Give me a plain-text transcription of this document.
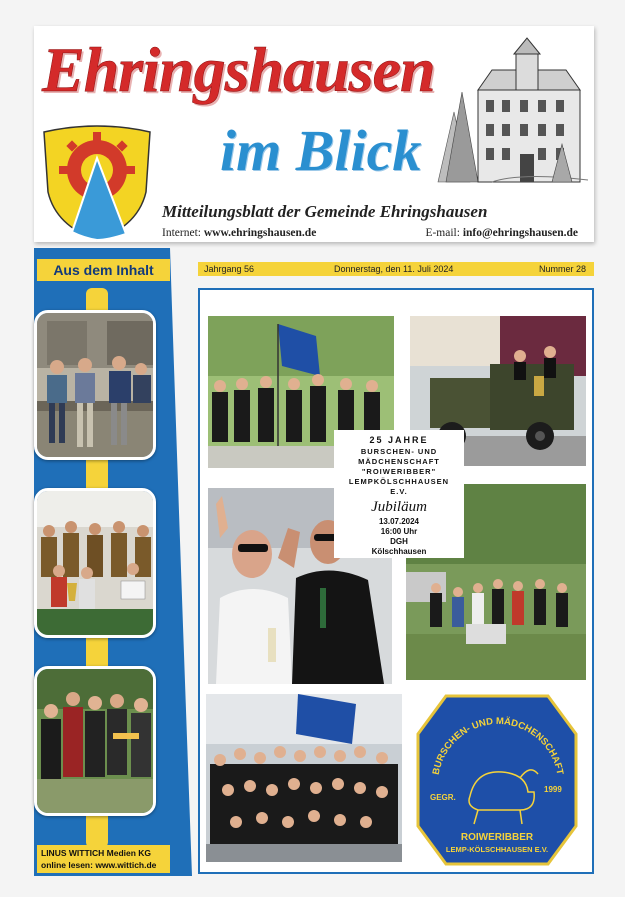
Ehringshausen
im Blick
Mitteilungsblatt der Gemeinde Ehringshausen
Internet: www.ehringshausen.de	E-mail: info@ehringshausen.de
Aus dem Inhalt
LINUS WITTICH Medien KG
online lesen: www.wittich.de
Jahrgang 56	Donnerstag, den 11. Juli 2024	Nummer 28
25 JAHRE
BURSCHEN- UND
MÄDCHENSCHAFT
"ROIWERIBBER"
LEMPKÖLSCHHAUSEN
E.V.
Jubiläum
13.07.2024
16:00 Uhr
DGH
Kölschhausen
BURSCHEN- UND MÄDCHENSCHAFT
GEGR.
1999
ROIWERIBBER
LEMP-KÖLSCHHAUSEN E.V.
